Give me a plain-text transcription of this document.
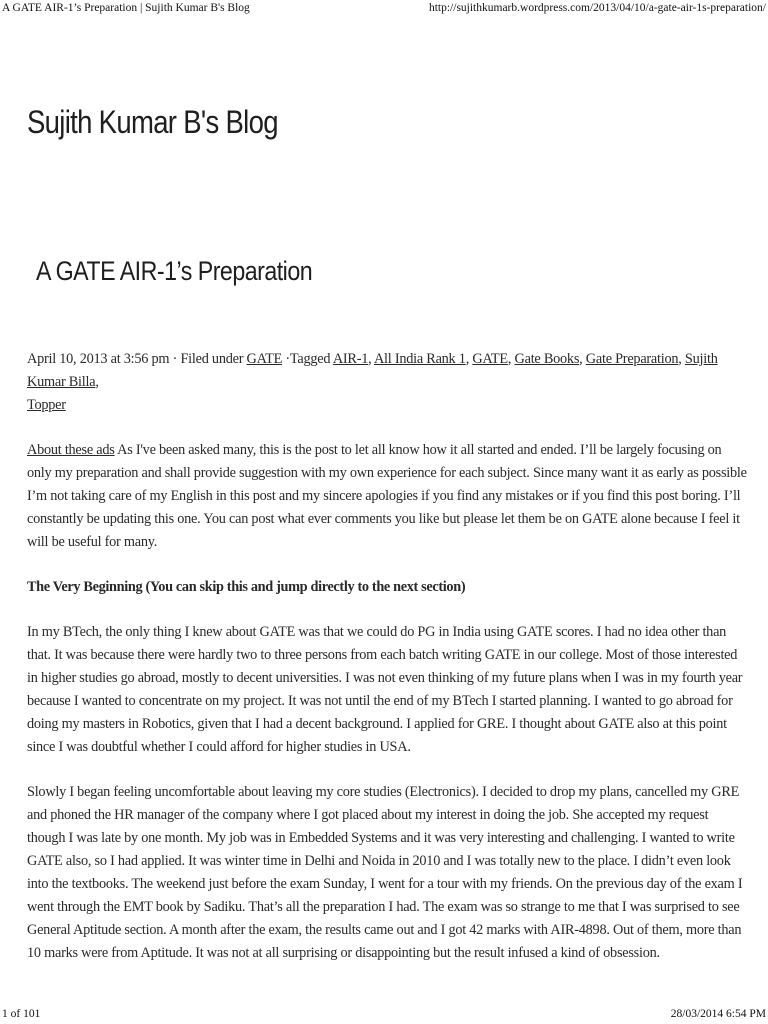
A GATE AIR-1’s Preparation | Sujith Kumar B's Blog	http://sujithkumarb.wordpress.com/2013/04/10/a-gate-air-1s-preparation/
Sujith Kumar B's Blog
A GATE AIR-1’s Preparation
April 10, 2013 at 3:56 pm · Filed under GATE ·Tagged AIR-1, All India Rank 1, GATE, Gate Books, Gate Preparation, Sujith Kumar Billa,
Topper

About these ads As I've been asked many, this is the post to let all know how it all started and ended. I’ll be largely focusing on only my preparation and shall provide suggestion with my own experience for each subject. Since many want it as early as possible I’m not taking care of my English in this post and my sincere apologies if you find any mistakes or if you find this post boring. I’ll constantly be updating this one. You can post what ever comments you like but please let them be on GATE alone because I feel it will be useful for many.

The Very Beginning (You can skip this and jump directly to the next section)

In my BTech, the only thing I knew about GATE was that we could do PG in India using GATE scores. I had no idea other than that. It was because there were hardly two to three persons from each batch writing GATE in our college. Most of those interested in higher studies go abroad, mostly to decent universities. I was not even thinking of my future plans when I was in my fourth year because I wanted to concentrate on my project. It was not until the end of my BTech I started planning. I wanted to go abroad for doing my masters in Robotics, given that I had a decent background. I applied for GRE. I thought about GATE also at this point since I was doubtful whether I could afford for higher studies in USA.

Slowly I began feeling uncomfortable about leaving my core studies (Electronics). I decided to drop my plans, cancelled my GRE and phoned the HR manager of the company where I got placed about my interest in doing the job. She accepted my request though I was late by one month. My job was in Embedded Systems and it was very interesting and challenging. I wanted to write GATE also, so I had applied. It was winter time in Delhi and Noida in 2010 and I was totally new to the place. I didn’t even look into the textbooks. The weekend just before the exam Sunday, I went for a tour with my friends. On the previous day of the exam I went through the EMT book by Sadiku. That’s all the preparation I had. The exam was so strange to me that I was surprised to see General Aptitude section. A month after the exam, the results came out and I got 42 marks with AIR-4898. Out of them, more than 10 marks were from Aptitude. It was not at all surprising or disappointing but the result infused a kind of obsession.

1 of 101	28/03/2014 6:54 PM
